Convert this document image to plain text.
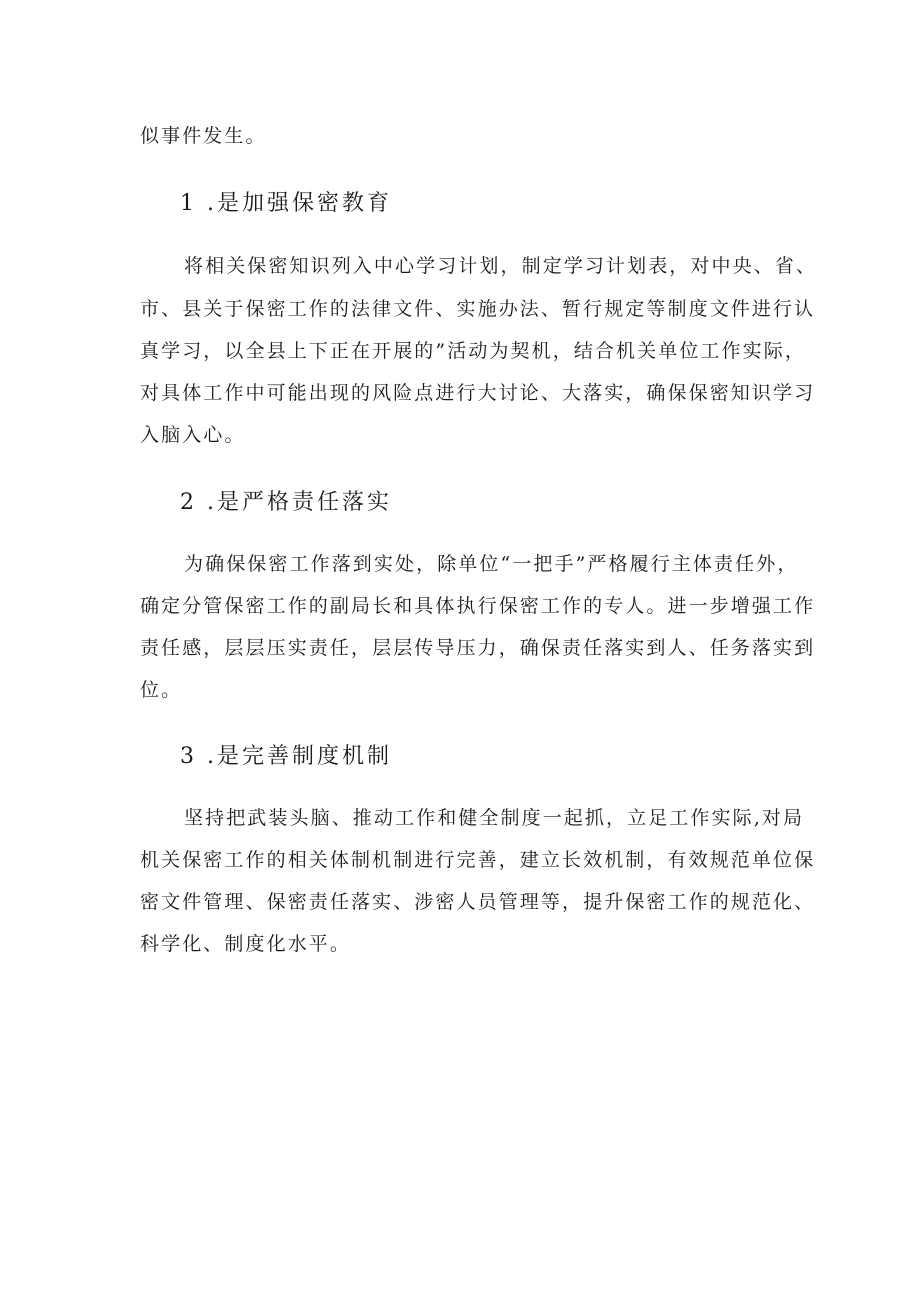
似事件发生。
1 .是加强保密教育
将相关保密知识列入中心学习计划，制定学习计划表，对中央、省、
市、县关于保密工作的法律文件、实施办法、暂行规定等制度文件进行认
真学习，以全县上下正在开展的”活动为契机，结合机关单位工作实际，
对具体工作中可能出现的风险点进行大讨论、大落实，确保保密知识学习
入脑入心。
2 .是严格责任落实
为确保保密工作落到实处，除单位“一把手”严格履行主体责任外，
确定分管保密工作的副局长和具体执行保密工作的专人。进一步增强工作
责任感，层层压实责任，层层传导压力，确保责任落实到人、任务落实到
位。
3 .是完善制度机制
坚持把武装头脑、推动工作和健全制度一起抓，立足工作实际,对局
机关保密工作的相关体制机制进行完善，建立长效机制，有效规范单位保
密文件管理、保密责任落实、涉密人员管理等，提升保密工作的规范化、
科学化、制度化水平。
